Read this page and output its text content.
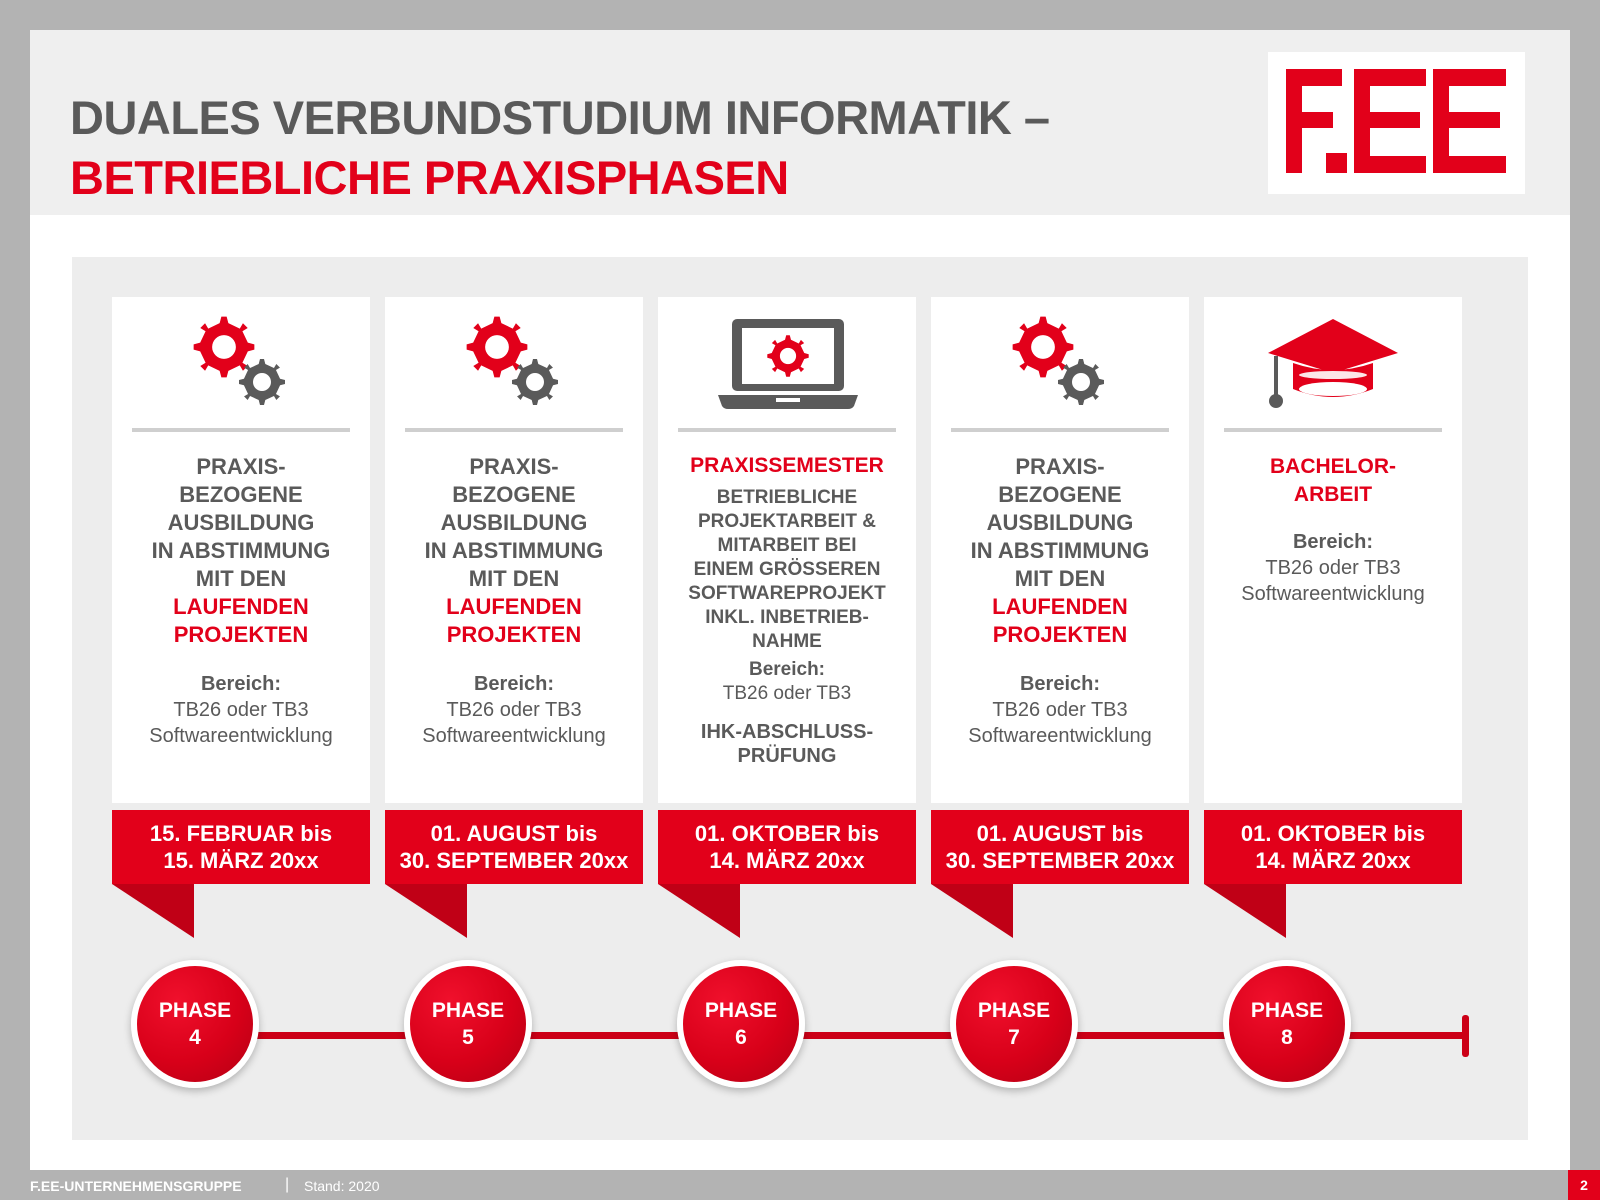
DUALES VERBUNDSTUDIUM INFORMATIK –
BETRIEBLICHE PRAXISPHASEN
PRAXIS-
BEZOGENE
AUSBILDUNG
IN ABSTIMMUNG
MIT DEN
LAUFENDEN
PROJEKTEN
Bereich:
TB26 oder TB3
Softwareentwicklung
15. FEBRUAR bis
15. MÄRZ 20xx
PRAXIS-
BEZOGENE
AUSBILDUNG
IN ABSTIMMUNG
MIT DEN
LAUFENDEN
PROJEKTEN
Bereich:
TB26 oder TB3
Softwareentwicklung
01. AUGUST bis
30. SEPTEMBER 20xx
PRAXISSEMESTER
BETRIEBLICHE
PROJEKTARBEIT &
MITARBEIT BEI
EINEM GRÖSSEREN
SOFTWAREPROJEKT
INKL. INBETRIEB-
NAHME
Bereich:
TB26 oder TB3
IHK-ABSCHLUSS-
PRÜFUNG
01. OKTOBER bis
14. MÄRZ 20xx
PRAXIS-
BEZOGENE
AUSBILDUNG
IN ABSTIMMUNG
MIT DEN
LAUFENDEN
PROJEKTEN
Bereich:
TB26 oder TB3
Softwareentwicklung
01. AUGUST bis
30. SEPTEMBER 20xx
BACHELOR-
ARBEIT
Bereich:
TB26 oder TB3
Softwareentwicklung
01. OKTOBER bis
14. MÄRZ 20xx
PHASE
4
PHASE
5
PHASE
6
PHASE
7
PHASE
8
F.EE-UNTERNEHMENSGRUPPE	| Stand: 2020	2
